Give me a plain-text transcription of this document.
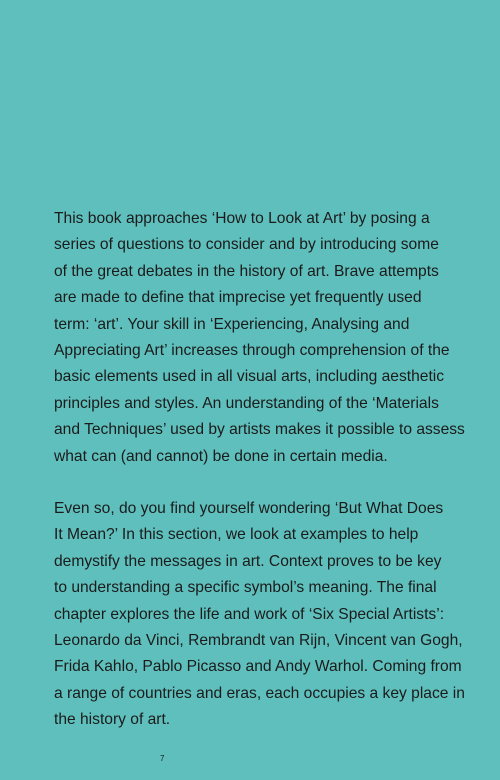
This book approaches ‘How to Look at Art’ by posing a
series of questions to consider and by introducing some
of the great debates in the history of art. Brave attempts
are made to define that imprecise yet frequently used
term: ‘art’. Your skill in ‘Experiencing, Analysing and
Appreciating Art’ increases through comprehension of the
basic elements used in all visual arts, including aesthetic
principles and styles. An understanding of the ‘Materials
and Techniques’ used by artists makes it possible to assess
what can (and cannot) be done in certain media.
Even so, do you find yourself wondering ‘But What Does
It Mean?’ In this section, we look at examples to help
demystify the messages in art. Context proves to be key
to understanding a specific symbol’s meaning. The final
chapter explores the life and work of ‘Six Special Artists’:
Leonardo da Vinci, Rembrandt van Rijn, Vincent van Gogh,
Frida Kahlo, Pablo Picasso and Andy Warhol. Coming from
a range of countries and eras, each occupies a key place in
the history of art.
7
